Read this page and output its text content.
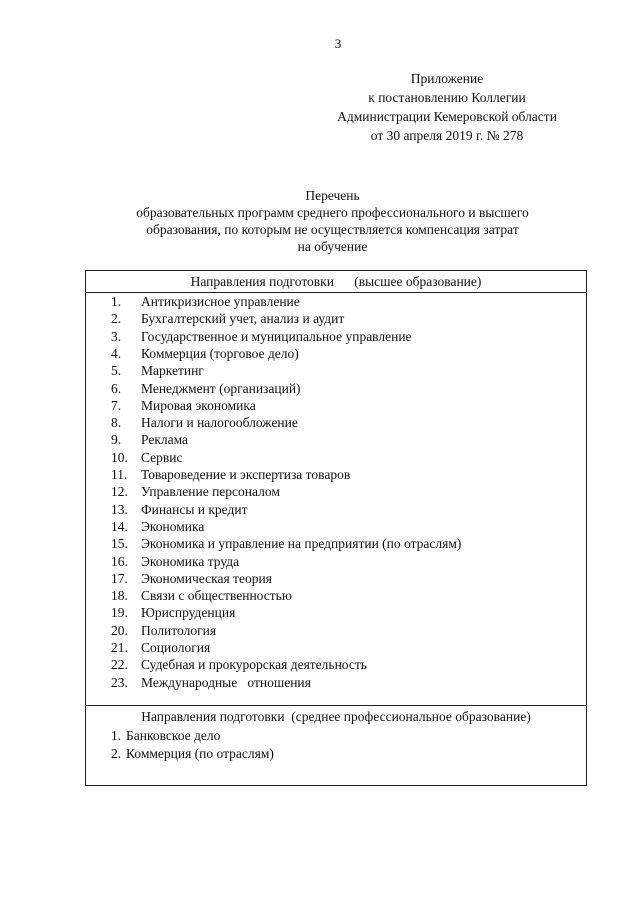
3
Приложение
к постановлению Коллегии
Администрации Кемеровской области
от 30 апреля 2019 г. № 278
Перечень
образовательных программ среднего профессионального и высшего
образования, по которым не осуществляется компенсация затрат
на обучение
Направления подготовки      (высшее образование)
1. Антикризисное управление
2. Бухгалтерский учет, анализ и аудит
3. Государственное и муниципальное управление
4. Коммерция (торговое дело)
5. Маркетинг
6. Менеджмент (организаций)
7. Мировая экономика
8. Налоги и налогообложение
9. Реклама
10. Сервис
11. Товароведение и экспертиза товаров
12. Управление персоналом
13. Финансы и кредит
14. Экономика
15. Экономика и управление на предприятии (по отраслям)
16. Экономика труда
17. Экономическая теория
18. Связи с общественностью
19. Юриспруденция
20. Политология
21. Социология
22. Судебная и прокурорская деятельность
23. Международные   отношения
Направления подготовки  (среднее профессиональное образование)
1. Банковское дело
2. Коммерция (по отраслям)
